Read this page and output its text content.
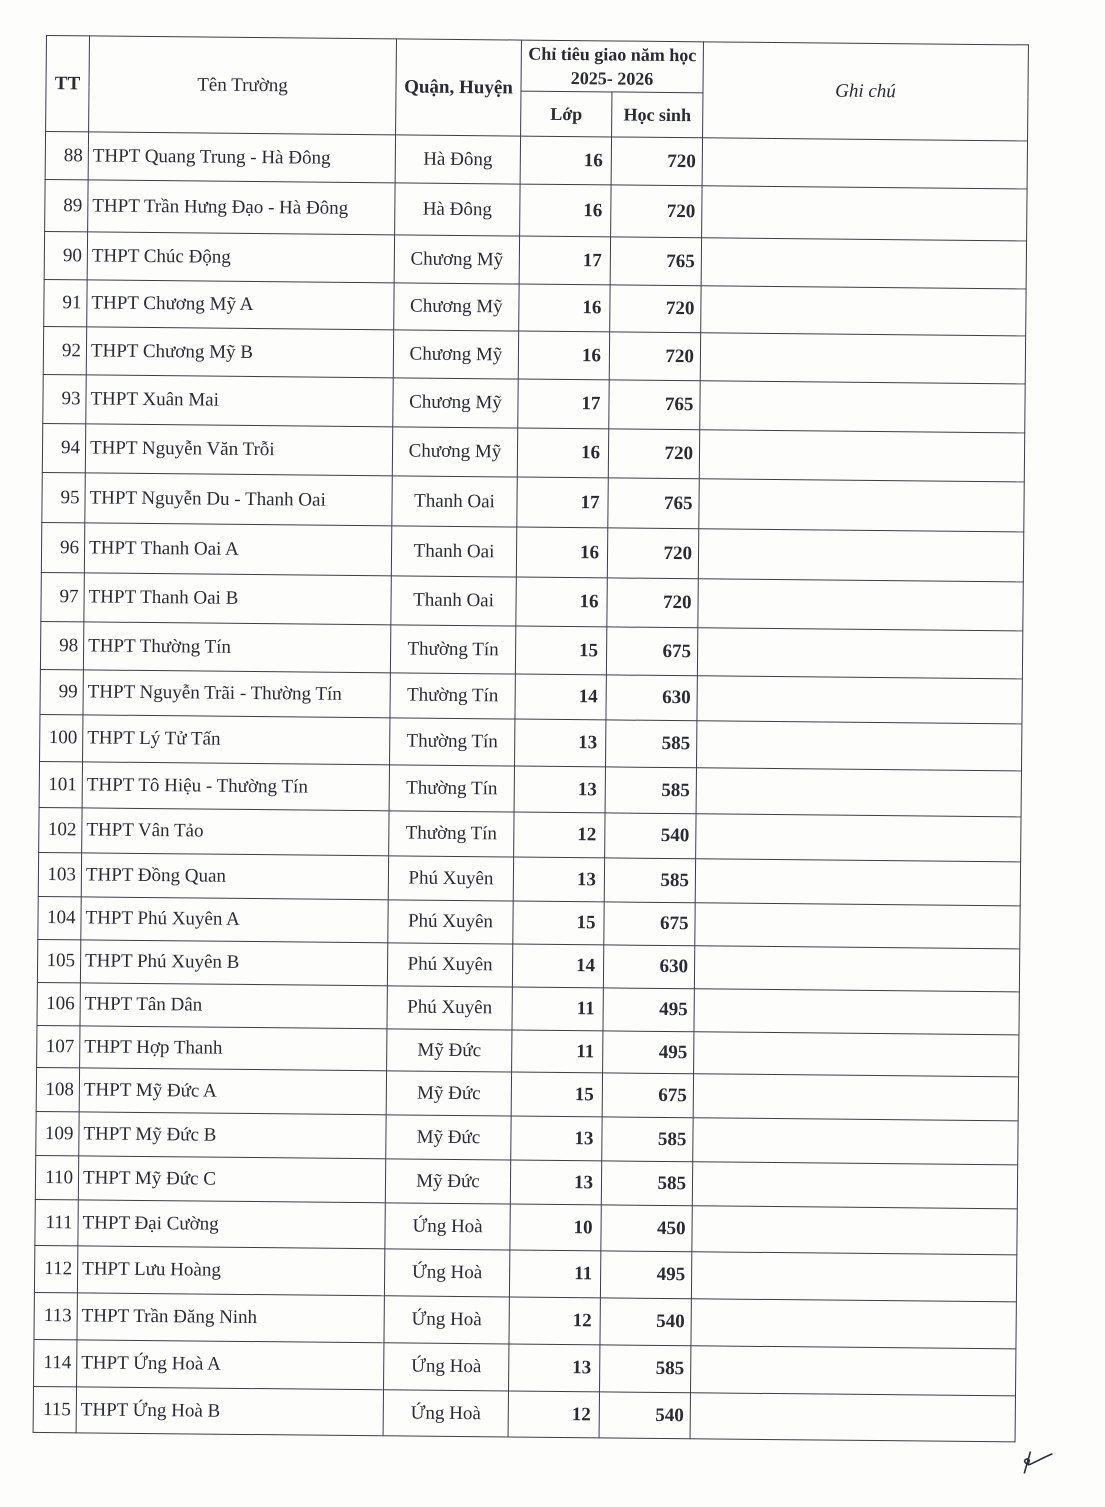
TT	Tên Trường	Quận, Huyện	Chỉ tiêu giao năm học 2025- 2026		Ghi chú
			Lớp	Học sinh	
88	THPT Quang Trung - Hà Đông	Hà Đông	16	720	
89	THPT Trần Hưng Đạo - Hà Đông	Hà Đông	16	720	
90	THPT Chúc Động	Chương Mỹ	17	765	
91	THPT Chương Mỹ A	Chương Mỹ	16	720	
92	THPT Chương Mỹ B	Chương Mỹ	16	720	
93	THPT Xuân Mai	Chương Mỹ	17	765	
94	THPT Nguyễn Văn Trỗi	Chương Mỹ	16	720	
95	THPT Nguyễn Du - Thanh Oai	Thanh Oai	17	765	
96	THPT Thanh Oai A	Thanh Oai	16	720	
97	THPT Thanh Oai B	Thanh Oai	16	720	
98	THPT Thường Tín	Thường Tín	15	675	
99	THPT Nguyễn Trãi - Thường Tín	Thường Tín	14	630	
100	THPT Lý Tử Tấn	Thường Tín	13	585	
101	THPT Tô Hiệu - Thường Tín	Thường Tín	13	585	
102	THPT Vân Tảo	Thường Tín	12	540	
103	THPT Đồng Quan	Phú Xuyên	13	585	
104	THPT Phú Xuyên A	Phú Xuyên	15	675	
105	THPT Phú Xuyên B	Phú Xuyên	14	630	
106	THPT Tân Dân	Phú Xuyên	11	495	
107	THPT Hợp Thanh	Mỹ Đức	11	495	
108	THPT Mỹ Đức A	Mỹ Đức	15	675	
109	THPT Mỹ Đức B	Mỹ Đức	13	585	
110	THPT Mỹ Đức C	Mỹ Đức	13	585	
111	THPT Đại Cường	Ứng Hoà	10	450	
112	THPT Lưu Hoàng	Ứng Hoà	11	495	
113	THPT Trần Đăng Ninh	Ứng Hoà	12	540	
114	THPT Ứng Hoà A	Ứng Hoà	13	585	
115	THPT Ứng Hoà B	Ứng Hoà	12	540	
